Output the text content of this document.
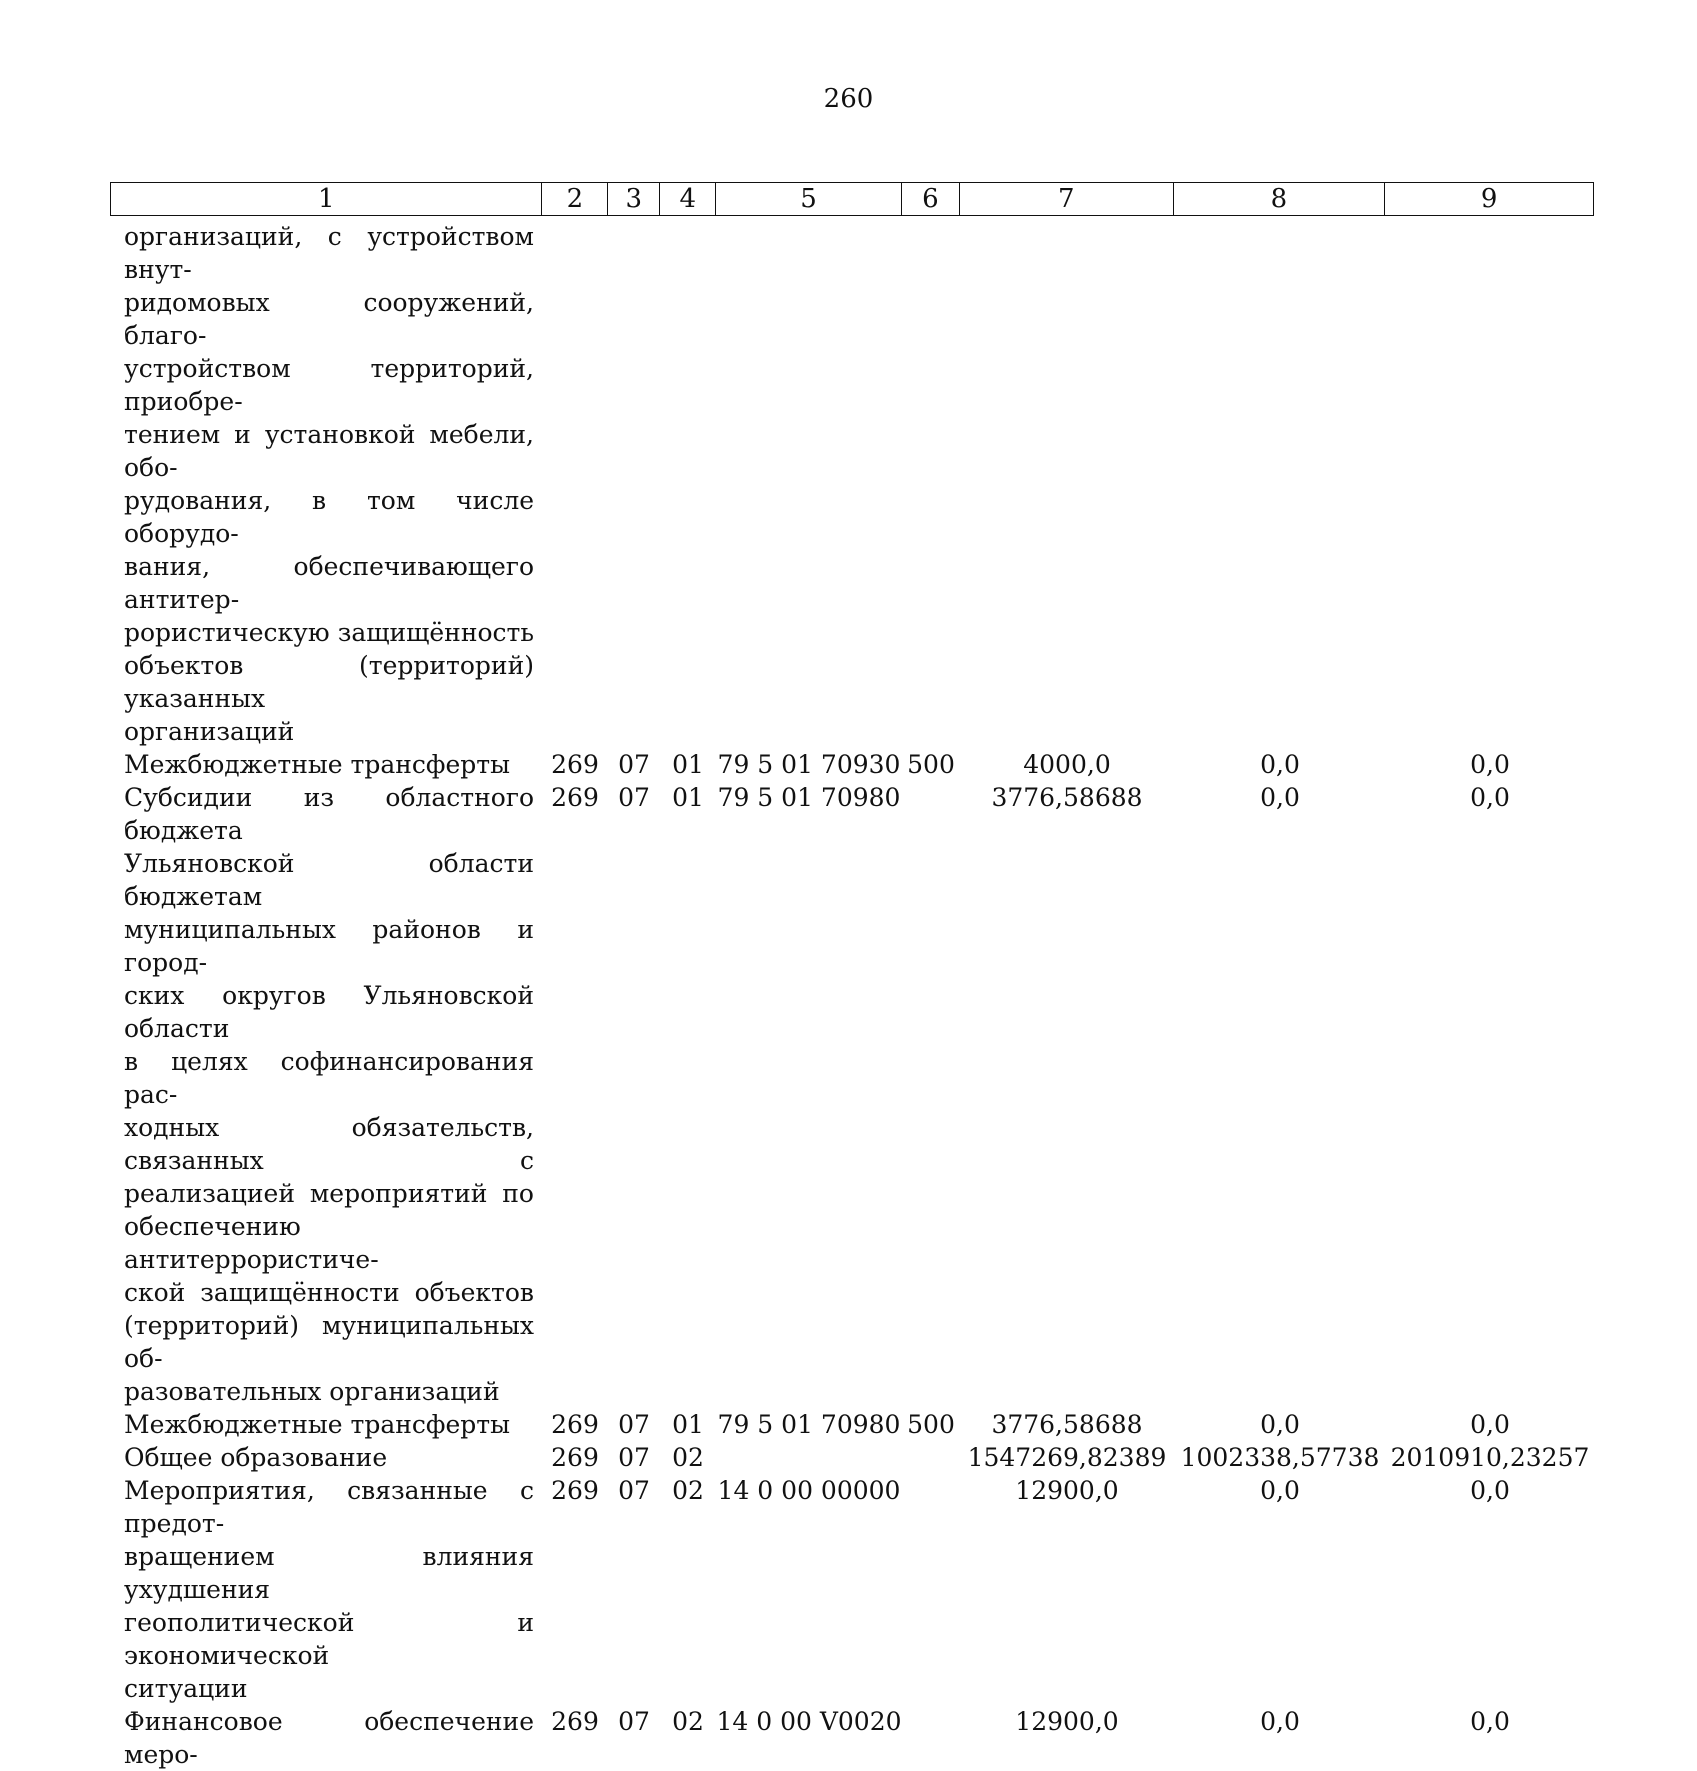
260
1	2	3	4	5	6	7	8	9
организаций, с устройством внут-
ридомовых сооружений, благо-
устройством территорий, приобре-
тением и установкой мебели, обо-
рудования, в том числе оборудо-
вания, обеспечивающего антитер-
рористическую защищённость
объектов (территорий) указанных
организаций
Межбюджетные трансферты	269 07 01 79 5 01 70930 500	4000,0	0,0	0,0
Субсидии из областного бюджета
Ульяновской области бюджетам
муниципальных районов и город-
ских округов Ульяновской области
в целях софинансирования рас-
ходных обязательств, связанных с
реализацией мероприятий по
обеспечению антитеррористиче-
ской защищённости объектов
(территорий) муниципальных об-
разовательных организаций
269 07 01 79 5 01 70980	3776,58688	0,0	0,0
Межбюджетные трансферты	269 07 01 79 5 01 70980 500	3776,58688	0,0	0,0
Общее образование	269 07 02	1547269,82389 1002338,57738 2010910,23257
Мероприятия, связанные с предот-
вращением влияния ухудшения
геополитической и экономической
ситуации
269 07 02 14 0 00 00000	12900,0	0,0	0,0
Финансовое обеспечение меро-
269 07 02 14 0 00 V0020	12900,0	0,0	0,0
